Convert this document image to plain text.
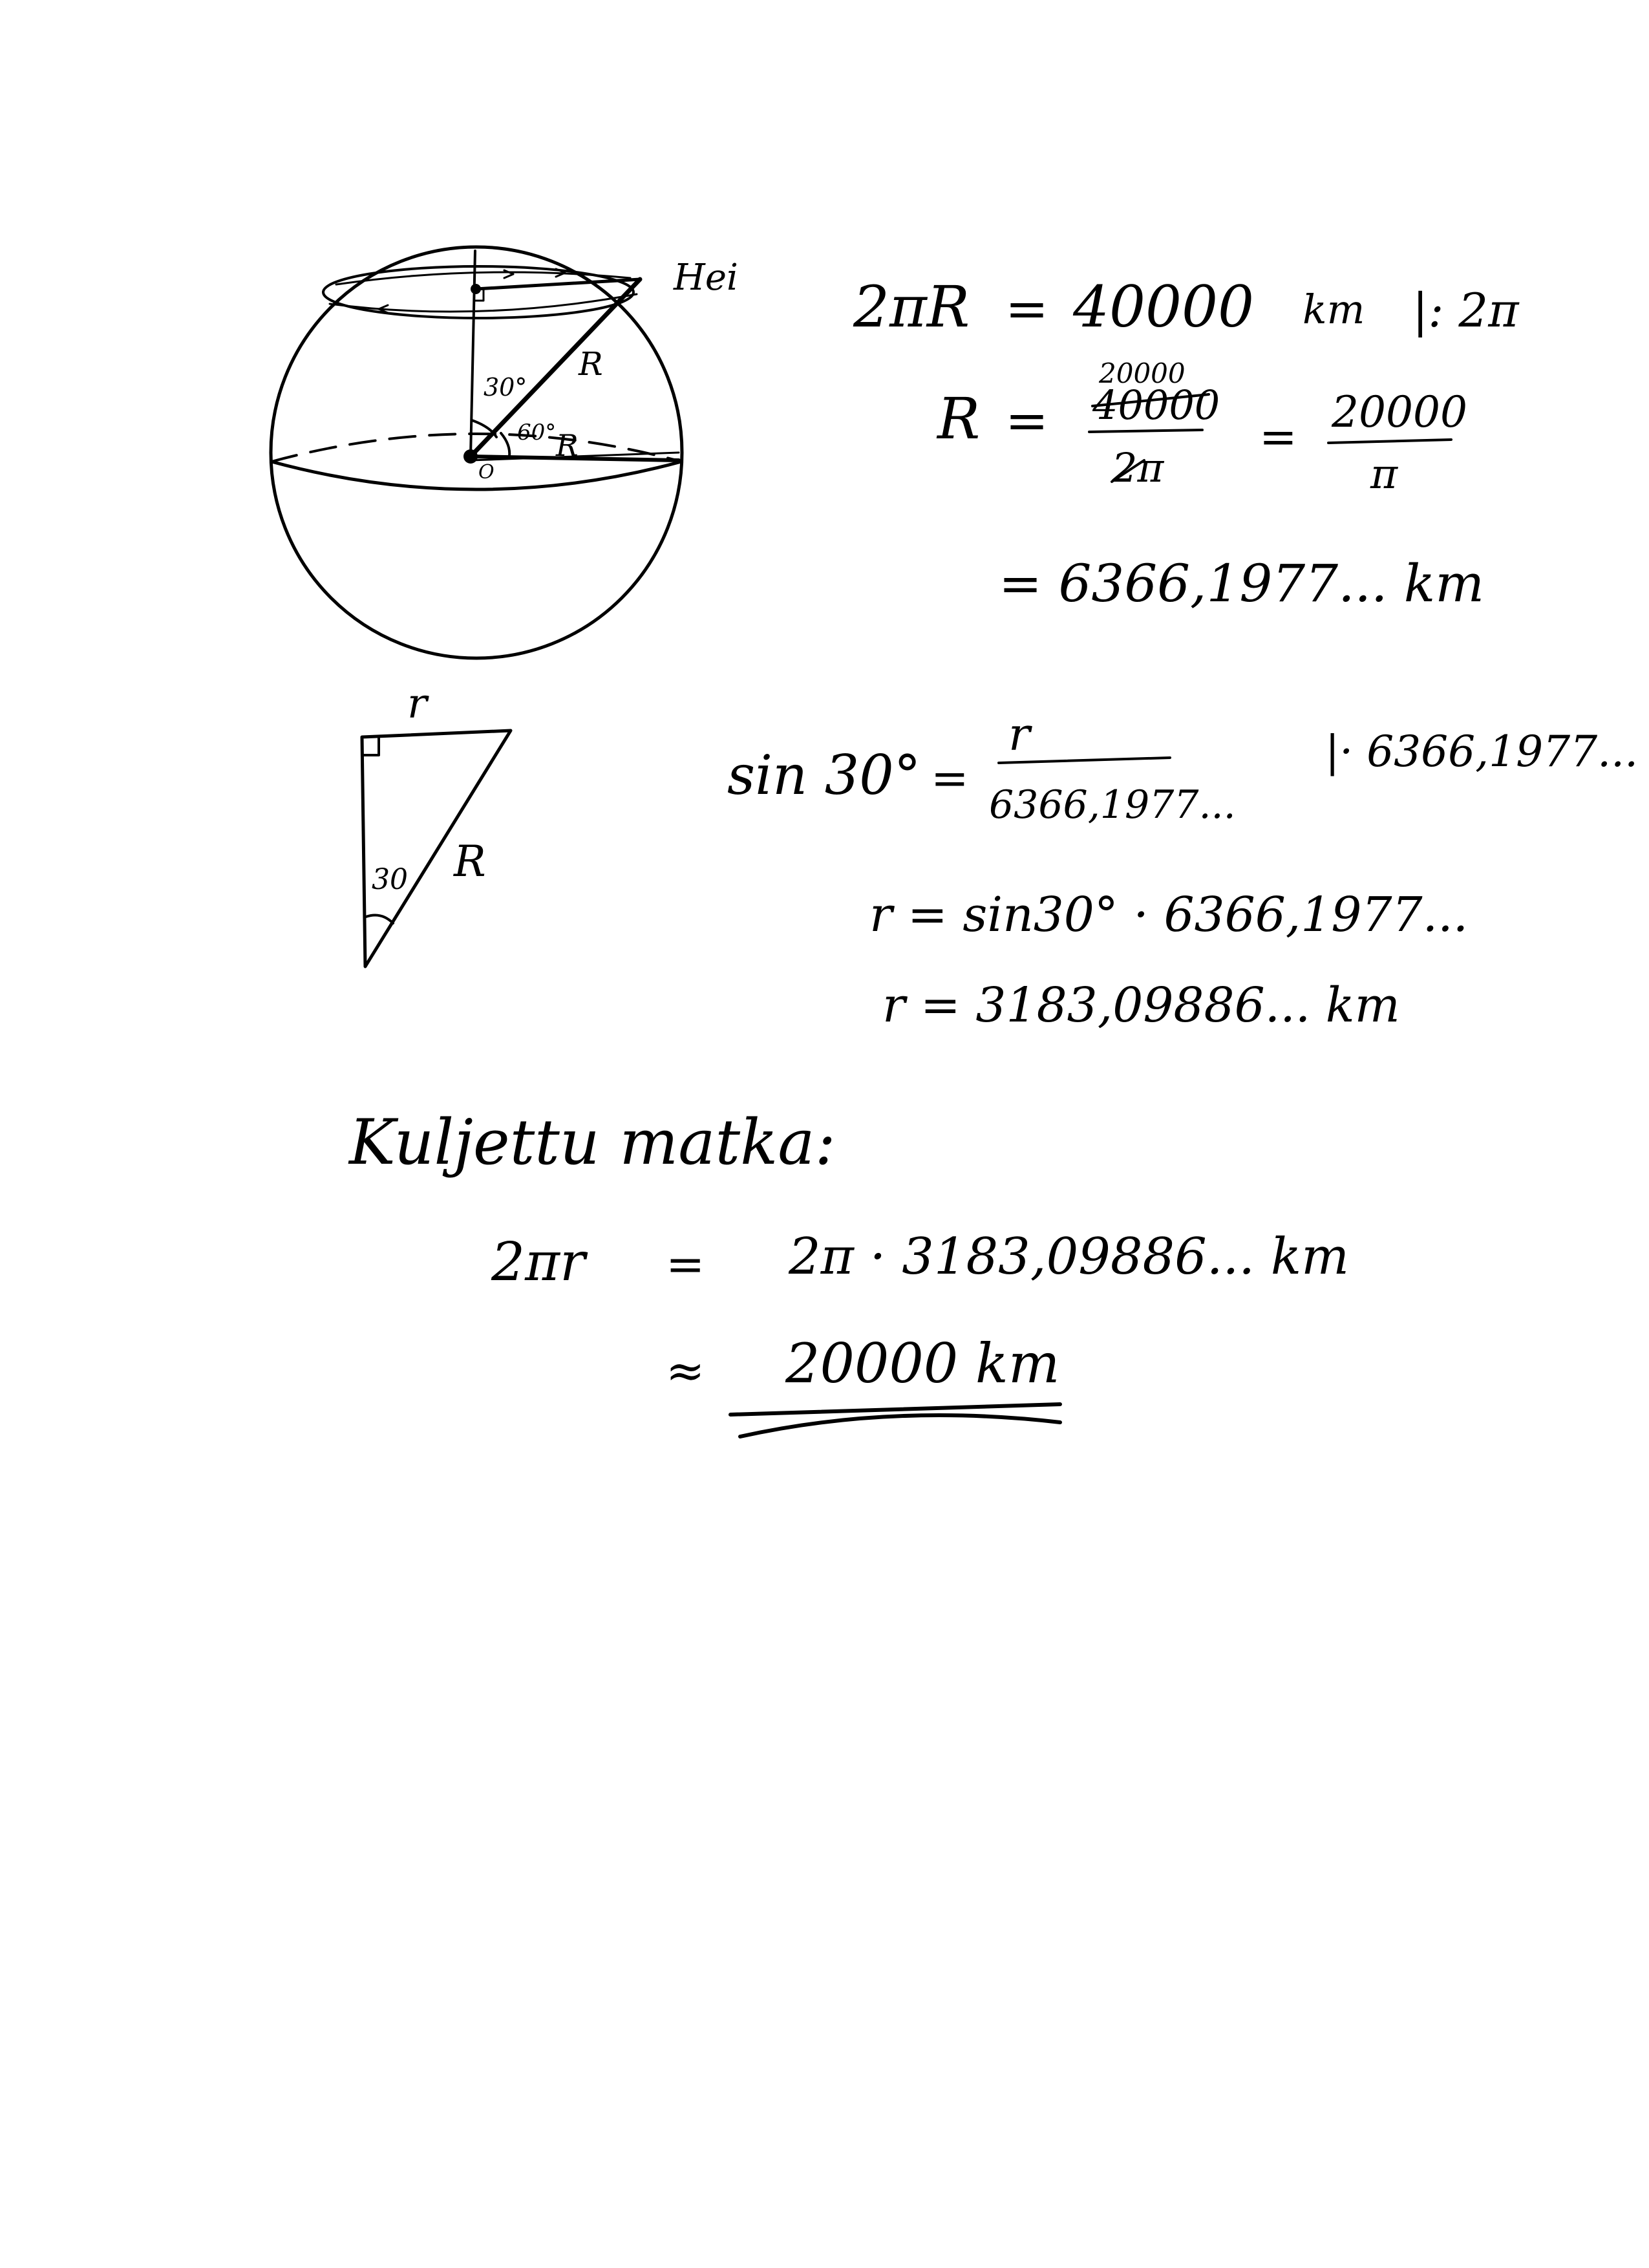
Hei
30°
60°
R
R
O
2πR = 40000 km |: 2π
R =
20000
40000
2π
= 20000
π
= 6366,1977... km
r
30 R
sin 30° =
r
6366,1977...
|· 6366,1977...
r = sin30° · 6366,1977...
r = 3183,09886... km
Kuljettu matka:
2πr = 2π · 3183,09886... km
≈ 20000 km
